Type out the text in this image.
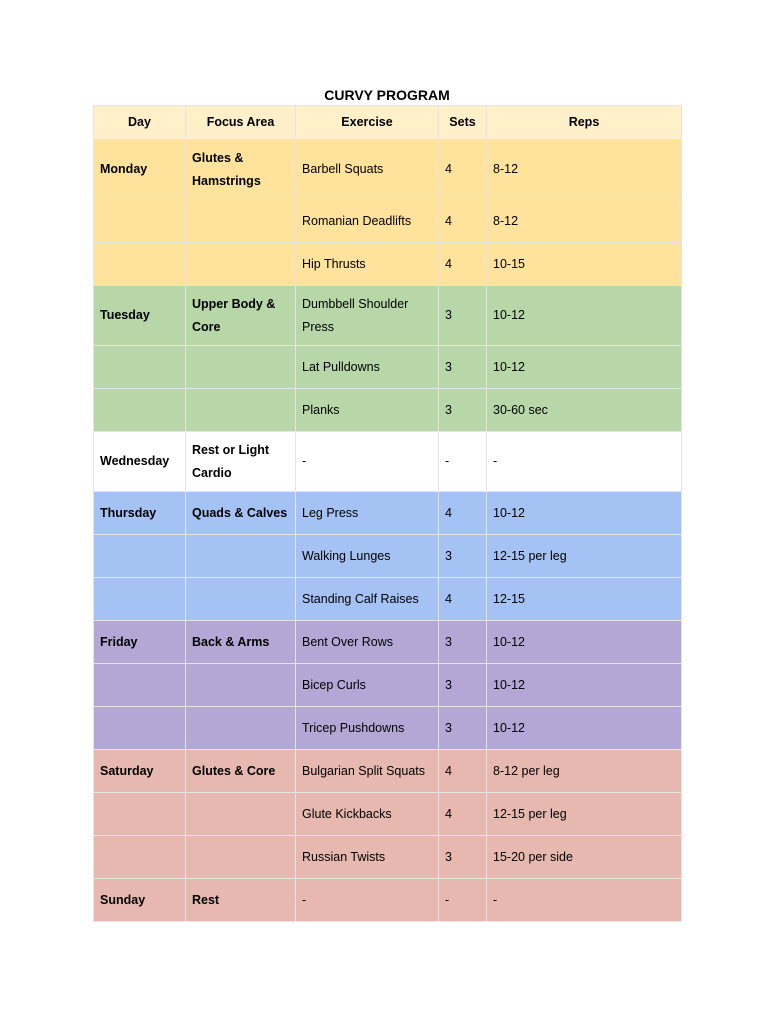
CURVY PROGRAM
Day	Focus Area	Exercise	Sets	Reps
Monday	Glutes & Hamstrings	Barbell Squats	4	8-12
		Romanian Deadlifts	4	8-12
		Hip Thrusts	4	10-15
Tuesday	Upper Body & Core	Dumbbell Shoulder Press	3	10-12
		Lat Pulldowns	3	10-12
		Planks	3	30-60 sec
Wednesday	Rest or Light Cardio	-	-	-
Thursday	Quads & Calves	Leg Press	4	10-12
		Walking Lunges	3	12-15 per leg
		Standing Calf Raises	4	12-15
Friday	Back & Arms	Bent Over Rows	3	10-12
		Bicep Curls	3	10-12
		Tricep Pushdowns	3	10-12
Saturday	Glutes & Core	Bulgarian Split Squats	4	8-12 per leg
		Glute Kickbacks	4	12-15 per leg
		Russian Twists	3	15-20 per side
Sunday	Rest	-	-	-
